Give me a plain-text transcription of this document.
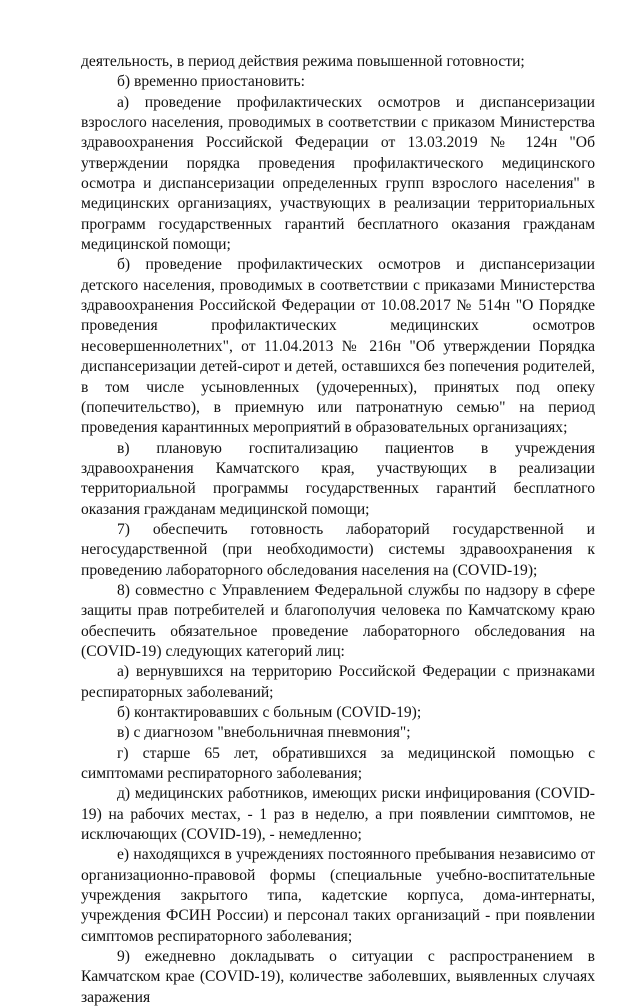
деятельность, в период действия режима повышенной готовности;

б) временно приостановить:

а) проведение профилактических осмотров и диспансеризации взрослого населения, проводимых в соответствии с приказом Министерства здравоохранения Российской Федерации от 13.03.2019 № 124н "Об утверждении порядка проведения профилактического медицинского осмотра и диспансеризации определенных групп взрослого населения" в медицинских организациях, участвующих в реализации территориальных программ государственных гарантий бесплатного оказания гражданам медицинской помощи;

б) проведение профилактических осмотров и диспансеризации детского населения, проводимых в соответствии с приказами Министерства здравоохранения Российской Федерации от 10.08.2017 № 514н "О Порядке проведения профилактических медицинских осмотров несовершеннолетних", от 11.04.2013 № 216н "Об утверждении Порядка диспансеризации детей-сирот и детей, оставшихся без попечения родителей, в том числе усыновленных (удочеренных), принятых под опеку (попечительство), в приемную или патронатную семью" на период проведения карантинных мероприятий в образовательных организациях;

в) плановую госпитализацию пациентов в учреждения здравоохранения Камчатского края, участвующих в реализации территориальной программы государственных гарантий бесплатного оказания гражданам медицинской помощи;

7) обеспечить готовность лабораторий государственной и негосударственной (при необходимости) системы здравоохранения к проведению лабораторного обследования населения на (COVID-19);

8) совместно с Управлением Федеральной службы по надзору в сфере защиты прав потребителей и благополучия человека по Камчатскому краю обеспечить обязательное проведение лабораторного обследования на (COVID-19) следующих категорий лиц:

а) вернувшихся на территорию Российской Федерации с признаками респираторных заболеваний;

б) контактировавших с больным (COVID-19);

в) с диагнозом "внебольничная пневмония";

г) старше 65 лет, обратившихся за медицинской помощью с симптомами респираторного заболевания;

д) медицинских работников, имеющих риски инфицирования (COVID-19) на рабочих местах, - 1 раз в неделю, а при появлении симптомов, не исключающих (COVID-19), - немедленно;

е) находящихся в учреждениях постоянного пребывания независимо от организационно-правовой формы (специальные учебно-воспитательные учреждения закрытого типа, кадетские корпуса, дома-интернаты, учреждения ФСИН России) и персонал таких организаций - при появлении симптомов респираторного заболевания;

9) ежедневно докладывать о ситуации с распространением в Камчатском крае (COVID-19), количестве заболевших, выявленных случаях заражения
